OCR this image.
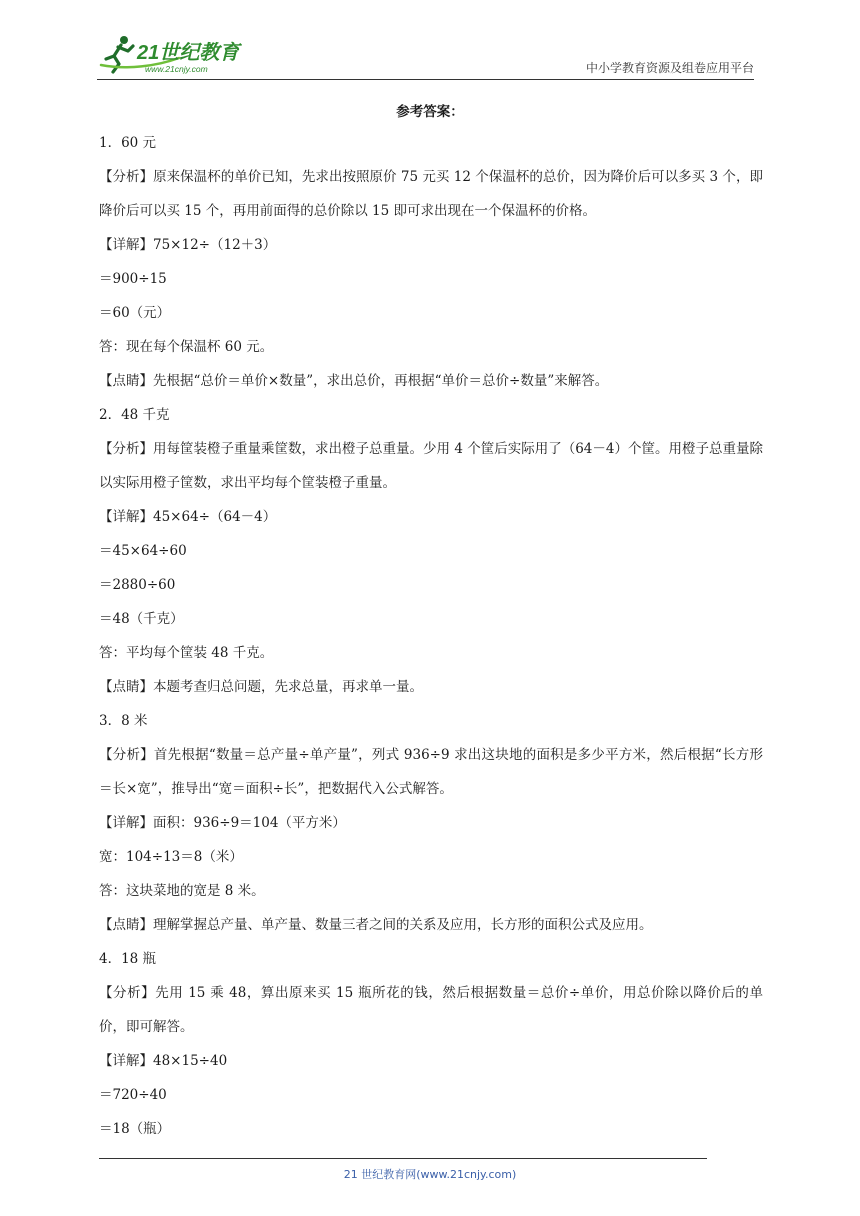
21世纪教育
www.21cnjy.com	中小学教育资源及组卷应用平台
参考答案：
1．60 元
【分析】原来保温杯的单价已知，先求出按照原价 75 元买 12 个保温杯的总价，因为降价后可以多买 3 个，即降价后可以买 15 个，再用前面得的总价除以 15 即可求出现在一个保温杯的价格。
【详解】75×12÷（12＋3）
＝900÷15
＝60（元）
答：现在每个保温杯 60 元。
【点睛】先根据“总价＝单价×数量”，求出总价，再根据“单价＝总价÷数量”来解答。
2．48 千克
【分析】用每筐装橙子重量乘筐数，求出橙子总重量。少用 4 个筐后实际用了（64－4）个筐。用橙子总重量除以实际用橙子筐数，求出平均每个筐装橙子重量。
【详解】45×64÷（64－4）
＝45×64÷60
＝2880÷60
＝48（千克）
答：平均每个筐装 48 千克。
【点睛】本题考查归总问题，先求总量，再求单一量。
3．8 米
【分析】首先根据“数量＝总产量÷单产量”，列式 936÷9 求出这块地的面积是多少平方米，然后根据“长方形＝长×宽”，推导出“宽＝面积÷长”，把数据代入公式解答。
【详解】面积：936÷9＝104（平方米）
宽：104÷13＝8（米）
答：这块菜地的宽是 8 米。
【点睛】理解掌握总产量、单产量、数量三者之间的关系及应用，长方形的面积公式及应用。
4．18 瓶
【分析】先用 15 乘 48，算出原来买 15 瓶所花的钱，然后根据数量＝总价÷单价，用总价除以降价后的单价，即可解答。
【详解】48×15÷40
＝720÷40
＝18（瓶）
21 世纪教育网(www.21cnjy.com)
